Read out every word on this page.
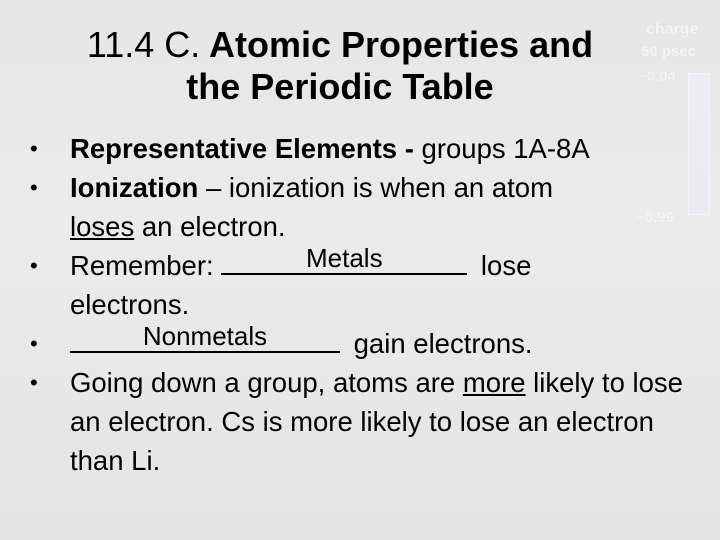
charge
50 psec
−0.04
−0.99
11.4 C. Atomic Properties and
the Periodic Table
• Representative Elements - groups 1A-8A
• Ionization – ionization is when an atom
loses an electron.
• Remember:	Metals	lose
electrons.
•	Nonmetals	gain electrons.
• Going down a group, atoms are more likely to lose an electron. Cs is more likely to lose an electron than Li.
